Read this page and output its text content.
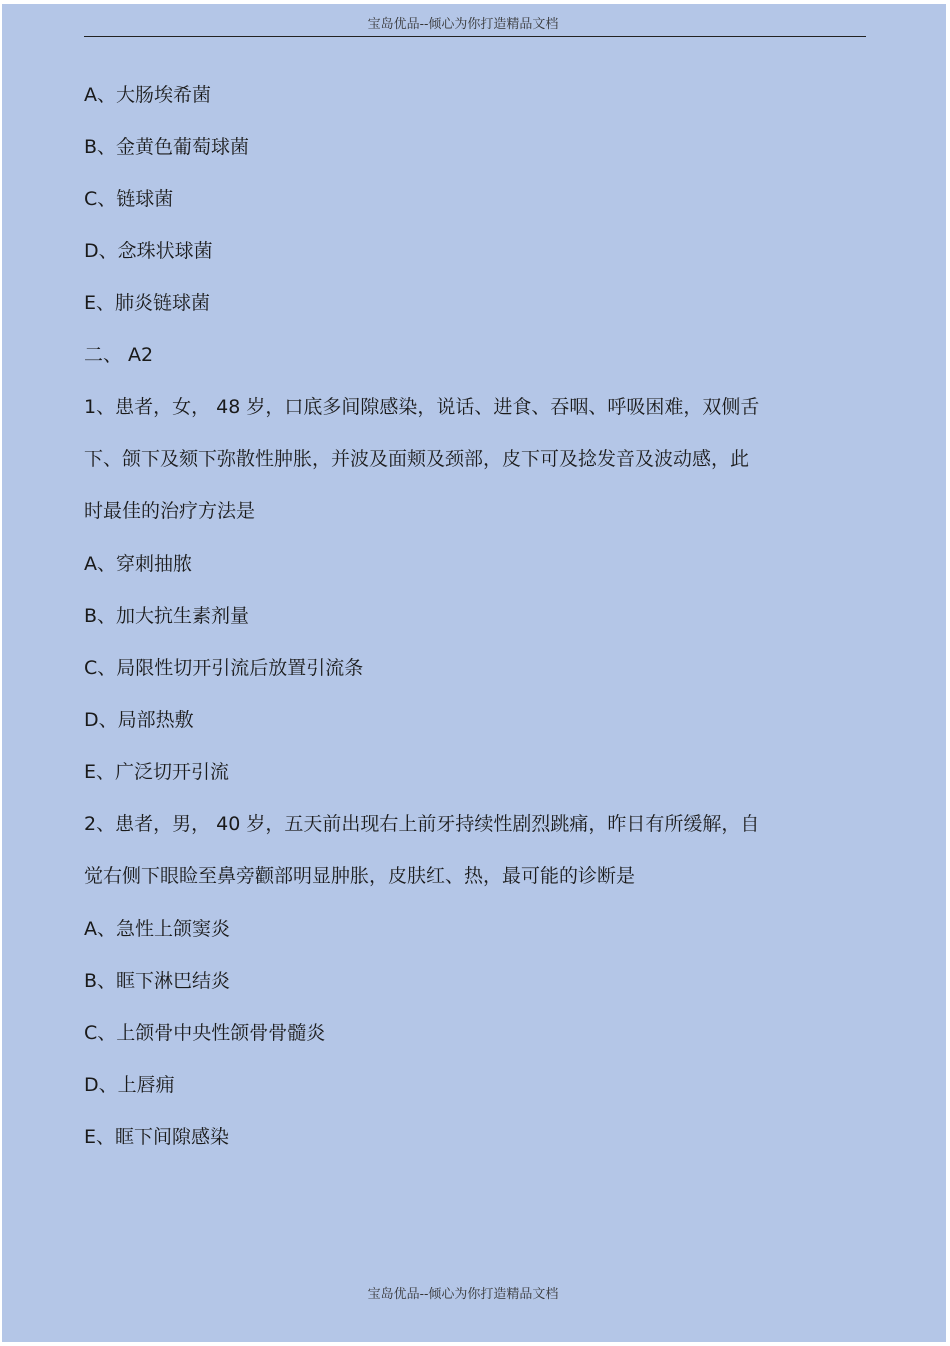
宝岛优品--倾心为你打造精品文档
A、大肠埃希菌
B、金黄色葡萄球菌
C、链球菌
D、念珠状球菌
E、肺炎链球菌
二、 A2
1、患者，女， 48 岁，口底多间隙感染，说话、进食、吞咽、呼吸困难，双侧舌
下、颌下及颏下弥散性肿胀，并波及面颊及颈部，皮下可及捻发音及波动感，此
时最佳的治疗方法是
A、穿刺抽脓
B、加大抗生素剂量
C、局限性切开引流后放置引流条
D、局部热敷
E、广泛切开引流
2、患者，男， 40 岁，五天前出现右上前牙持续性剧烈跳痛，昨日有所缓解，自
觉右侧下眼睑至鼻旁颧部明显肿胀，皮肤红、热，最可能的诊断是
A、急性上颌窦炎
B、眶下淋巴结炎
C、上颌骨中央性颌骨骨髓炎
D、上唇痈
E、眶下间隙感染
宝岛优品--倾心为你打造精品文档
